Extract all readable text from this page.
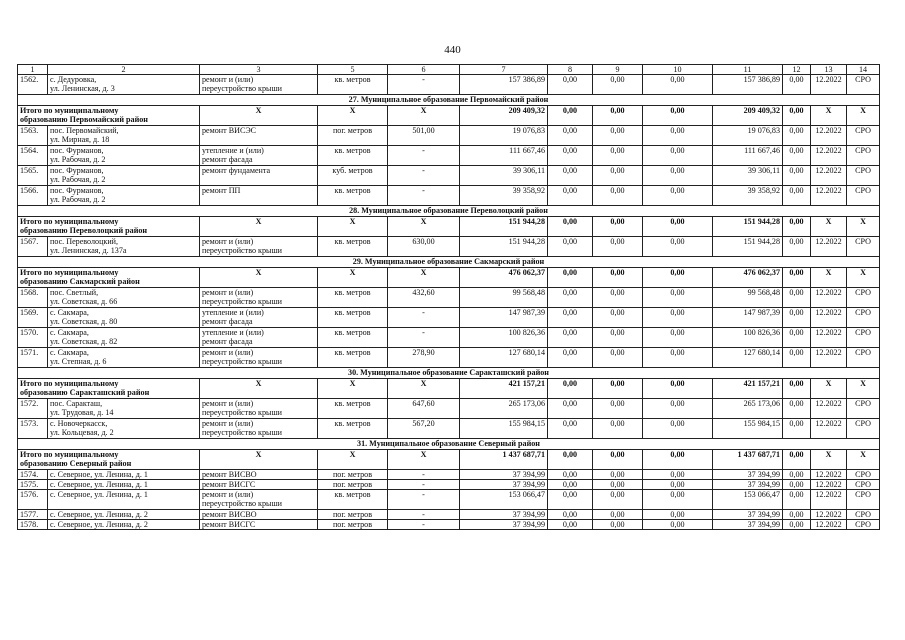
440
1	2	3	5	6	7	8	9	10	11	12	13	14
1562.	с. Дедуровка,
ул. Ленинская, д. 3	ремонт и (или)
переустройство крыши	кв. метров	-	157 386,89	0,00	0,00	0,00	157 386,89	0,00	12.2022	СРО
27. Муниципальное образование Первомайский район												

Итого по муниципальному
образованию Первомайский район		X	X	X	209 409,32	0,00	0,00	0,00	209 409,32	0,00	X	X
1563.	пос. Первомайский,
ул. Мирная, д. 18	ремонт ВИСЭС	пог. метров	501,00	19 076,83	0,00	0,00	0,00	19 076,83	0,00	12.2022	СРО
1564.	пос. Фурманов,
ул. Рабочая, д. 2	утепление и (или)
ремонт фасада	кв. метров	-	111 667,46	0,00	0,00	0,00	111 667,46	0,00	12.2022	СРО
1565.	пос. Фурманов,
ул. Рабочая, д. 2	ремонт фундамента	куб. метров	-	39 306,11	0,00	0,00	0,00	39 306,11	0,00	12.2022	СРО
1566.	пос. Фурманов,
ул. Рабочая, д. 2	ремонт ПП	кв. метров	-	39 358,92	0,00	0,00	0,00	39 358,92	0,00	12.2022	СРО
28. Муниципальное образование Переволоцкий район												

Итого по муниципальному
образованию Переволоцкий район		X	X	X	151 944,28	0,00	0,00	0,00	151 944,28	0,00	X	X
1567.	пос. Переволоцкий,
ул. Ленинская, д. 137а	ремонт и (или)
переустройство крыши	кв. метров	630,00	151 944,28	0,00	0,00	0,00	151 944,28	0,00	12.2022	СРО
29. Муниципальное образование Сакмарский район												

Итого по муниципальному
образованию Сакмарский район		X	X	X	476 062,37	0,00	0,00	0,00	476 062,37	0,00	X	X
1568.	пос. Светлый,
ул. Советская, д. 66	ремонт и (или)
переустройство крыши	кв. метров	432,60	99 568,48	0,00	0,00	0,00	99 568,48	0,00	12.2022	СРО
1569.	с. Сакмара,
ул. Советская, д. 80	утепление и (или)
ремонт фасада	кв. метров	-	147 987,39	0,00	0,00	0,00	147 987,39	0,00	12.2022	СРО
1570.	с. Сакмара,
ул. Советская, д. 82	утепление и (или)
ремонт фасада	кв. метров	-	100 826,36	0,00	0,00	0,00	100 826,36	0,00	12.2022	СРО
1571.	с. Сакмара,
ул. Степная, д. 6	ремонт и (или)
переустройство крыши	кв. метров	278,90	127 680,14	0,00	0,00	0,00	127 680,14	0,00	12.2022	СРО
30. Муниципальное образование Саракташский район												

Итого по муниципальному
образованию Саракташский район		X	X	X	421 157,21	0,00	0,00	0,00	421 157,21	0,00	X	X
1572.	пос. Саракташ,
ул. Трудовая, д. 14	ремонт и (или)
переустройство крыши	кв. метров	647,60	265 173,06	0,00	0,00	0,00	265 173,06	0,00	12.2022	СРО
1573.	с. Новочеркасск,
ул. Кольцевая, д. 2	ремонт и (или)
переустройство крыши	кв. метров	567,20	155 984,15	0,00	0,00	0,00	155 984,15	0,00	12.2022	СРО
31. Муниципальное образование Северный район												

Итого по муниципальному
образованию Северный район		X	X	X	1 437 687,71	0,00	0,00	0,00	1 437 687,71	0,00	X	X
1574.	с. Северное, ул. Ленина, д. 1	ремонт ВИСВО	пог. метров	-	37 394,99	0,00	0,00	0,00	37 394,99	0,00	12.2022	СРО
1575.	с. Северное, ул. Ленина, д. 1	ремонт ВИСГС	пог. метров	-	37 394,99	0,00	0,00	0,00	37 394,99	0,00	12.2022	СРО
1576.	с. Северное, ул. Ленина, д. 1	ремонт и (или)
переустройство крыши	кв. метров	-	153 066,47	0,00	0,00	0,00	153 066,47	0,00	12.2022	СРО
1577.	с. Северное, ул. Ленина, д. 2	ремонт ВИСВО	пог. метров	-	37 394,99	0,00	0,00	0,00	37 394,99	0,00	12.2022	СРО
1578.	с. Северное, ул. Ленина, д. 2	ремонт ВИСГС	пог. метров	-	37 394,99	0,00	0,00	0,00	37 394,99	0,00	12.2022	СРО
